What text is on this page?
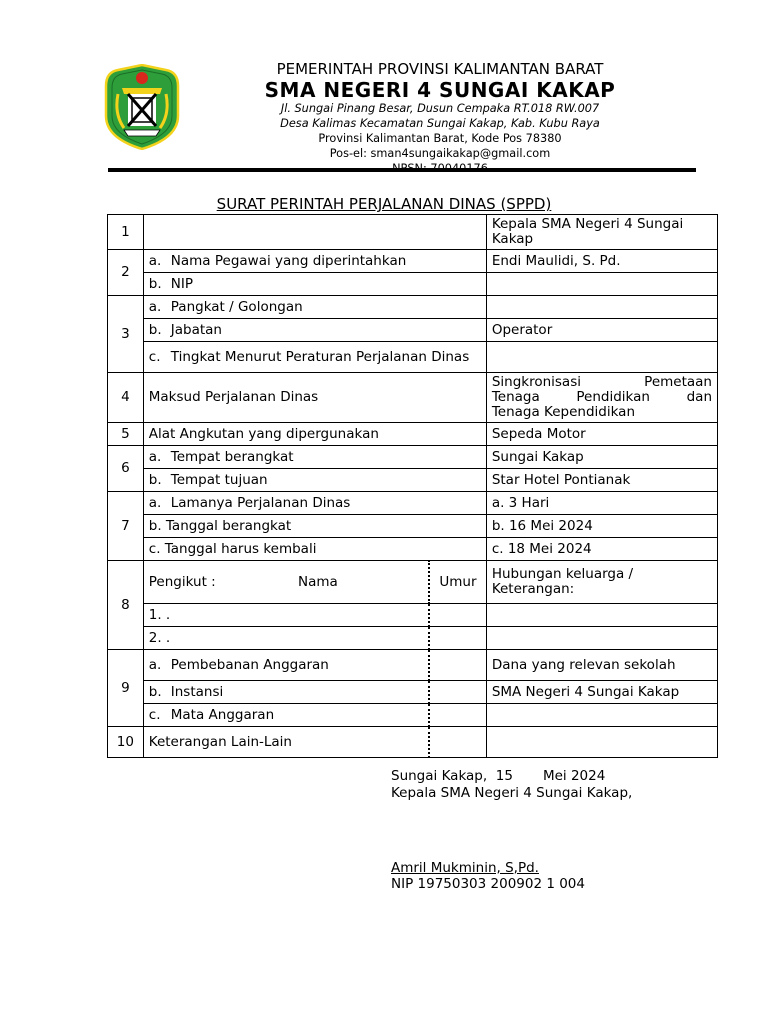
PEMERINTAH PROVINSI KALIMANTAN BARAT
SMA NEGERI 4 SUNGAI KAKAP
Jl. Sungai Pinang Besar, Dusun Cempaka RT.018 RW.007
Desa Kalimas Kecamatan Sungai Kakap, Kab. Kubu Raya
Provinsi Kalimantan Barat, Kode Pos 78380
Pos-el: sman4sungaikakap@gmail.com
SURAT PERINTAH PERJALANAN DINAS (SPPD)
1			Kepala SMA Negeri 4 Sungai Kakap
2	a. Nama Pegawai yang diperintahkan		Endi Maulidi, S. Pd.

	b. NIP		

3	a. Pangkat / Golongan		

	b. Jabatan		Operator

	c. Tingkat Menurut Peraturan Perjalanan Dinas		

4	Maksud Perjalanan Dinas		Singkronisasi Pemetaan
Tenaga Pendidikan dan
Tenaga Kependidikan

5	Alat Angkutan yang dipergunakan		Sepeda Motor
6	a. Tempat berangkat		Sungai Kakap

	b. Tempat tujuan		Star Hotel Pontianak
7	a. Lamanya Perjalanan Dinas		a. 3 Hari
	b. Tanggal berangkat		b. 16 Mei 2024
	c. Tanggal harus kembali		c. 18 Mei 2024
8	Pengikut : Nama	Umur	Hubungan keluarga / Keterangan:
	1. .		
	2. .		
9	a. Pembebanan Anggaran		Dana yang relevan sekolah

	b. Instansi		SMA Negeri 4 Sungai Kakap

	c. Mata Anggaran		

10	Keterangan Lain-Lain		

Sungai Kakap,  15       Mei 2024
Kepala SMA Negeri 4 Sungai Kakap,
Amril Mukminin, S,Pd.
NIP 19750303 200902 1 004
